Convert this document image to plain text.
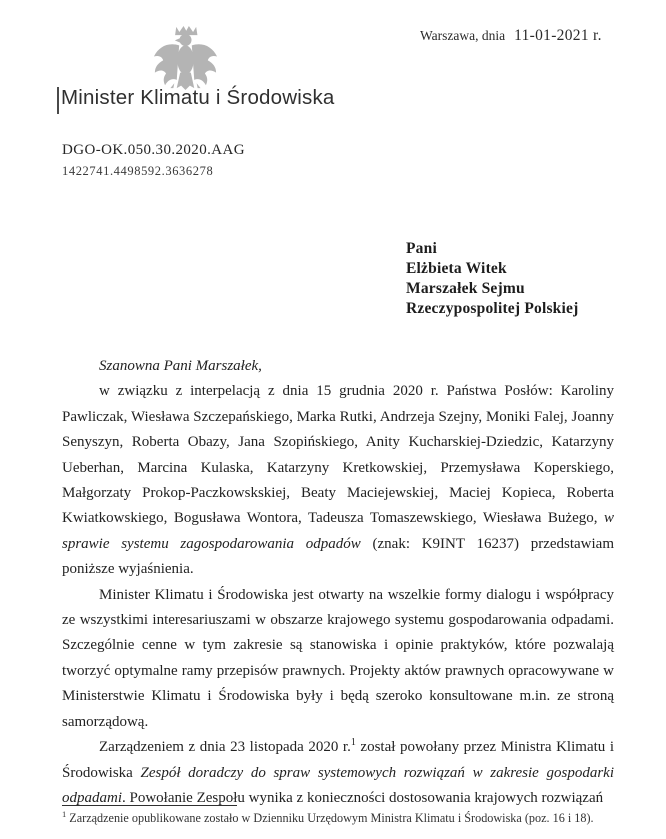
Warszawa, dnia 11-01-2021 r.
Minister Klimatu i Środowiska
DGO-OK.050.30.2020.AAG
1422741.4498592.3636278
Pani
Elżbieta Witek
Marszałek Sejmu
Rzeczypospolitej Polskiej

Szanowna Pani Marszałek,

w związku z interpelacją z dnia 15 grudnia 2020 r. Państwa Posłów: Karoliny Pawliczak, Wiesława Szczepańskiego, Marka Rutki, Andrzeja Szejny, Moniki Falej, Joanny Senyszyn, Roberta Obazy, Jana Szopińskiego, Anity Kucharskiej-Dziedzic, Katarzyny Ueberhan, Marcina Kulaska, Katarzyny Kretkowskiej, Przemysława Koperskiego, Małgorzaty Prokop-Paczkowskskiej, Beaty Maciejewskiej, Maciej Kopieca, Roberta Kwiatkowskiego, Bogusława Wontora, Tadeusza Tomaszewskiego, Wiesława Bużego, w sprawie systemu zagospodarowania odpadów (znak: K9INT 16237) przedstawiam poniższe wyjaśnienia.

Minister Klimatu i Środowiska jest otwarty na wszelkie formy dialogu i współpracy ze wszystkimi interesariuszami w obszarze krajowego systemu gospodarowania odpadami. Szczególnie cenne w tym zakresie są stanowiska i opinie praktyków, które pozwalają tworzyć optymalne ramy przepisów prawnych. Projekty aktów prawnych opracowywane w Ministerstwie Klimatu i Środowiska były i będą szeroko konsultowane m.in. ze stroną samorządową.

Zarządzeniem z dnia 23 listopada 2020 r.$^1$ został powołany przez Ministra Klimatu i Środowiska Zespół doradczy do spraw systemowych rozwiązań w zakresie gospodarki odpadami. Powołanie Zespołu wynika z konieczności dostosowania krajowych rozwiązań

$^1$ Zarządzenie opublikowane zostało w Dzienniku Urzędowym Ministra Klimatu i Środowiska (poz. 16 i 18).
